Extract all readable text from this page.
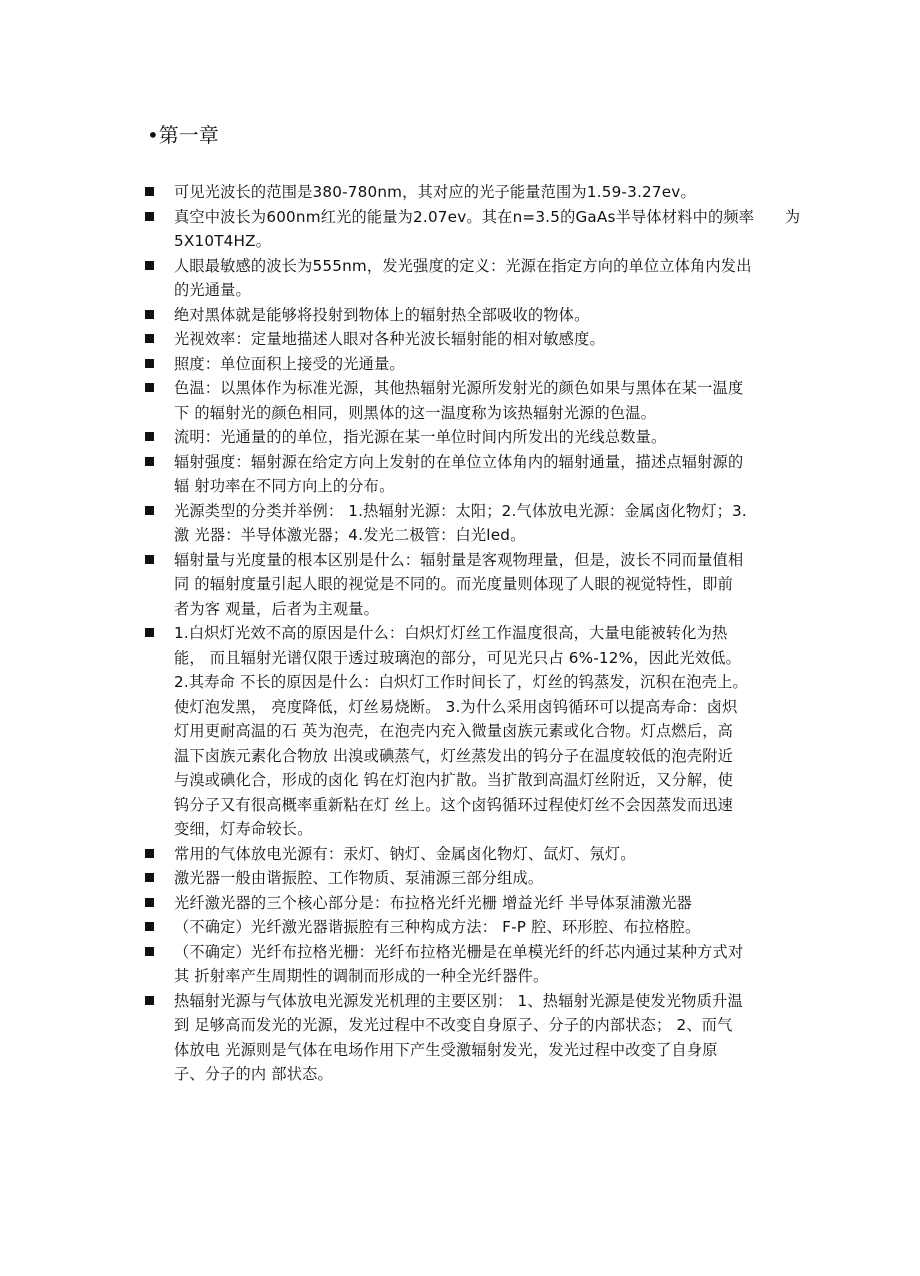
•第一章
可见光波长的范围是380-780nm，其对应的光子能量范围为1.59-3.27ev。
真空中波长为600nm红光的能量为2.07ev。其在n=3.5的GaAs半导体材料中的频率　　为
5X10T4HZ。
人眼最敏感的波长为555nm，发光强度的定义：光源在指定方向的单位立体角内发出
的光通量。
绝对黑体就是能够将投射到物体上的辐射热全部吸收的物体。
光视效率：定量地描述人眼对各种光波长辐射能的相对敏感度。
照度：单位面积上接受的光通量。
色温：以黑体作为标准光源，其他热辐射光源所发射光的颜色如果与黑体在某一温度
下 的辐射光的颜色相同，则黑体的这一温度称为该热辐射光源的色温。
流明：光通量的的单位，指光源在某一单位时间内所发出的光线总数量。
辐射强度：辐射源在给定方向上发射的在单位立体角内的辐射通量，描述点辐射源的
辐 射功率在不同方向上的分布。
光源类型的分类并举例： 1.热辐射光源：太阳；2.气体放电光源：金属卤化物灯；3.
激 光器：半导体激光器；4.发光二极管：白光led。
辐射量与光度量的根本区别是什么：辐射量是客观物理量，但是，波长不同而量值相
同 的辐射度量引起人眼的视觉是不同的。而光度量则体现了人眼的视觉特性，即前
者为客 观量，后者为主观量。
1.白炽灯光效不高的原因是什么：白炽灯灯丝工作温度很高，大量电能被转化为热
能， 而且辐射光谱仅限于透过玻璃泡的部分，可见光只占 6%-12%，因此光效低。
2.其寿命 不长的原因是什么：白炽灯工作时间长了，灯丝的钨蒸发，沉积在泡壳上。
使灯泡发黑， 亮度降低，灯丝易烧断。 3.为什么采用卤钨循环可以提高寿命：卤炽
灯用更耐高温的石 英为泡壳，在泡壳内充入微量卤族元素或化合物。灯点燃后，高
温下卤族元素化合物放 出溴或碘蒸气，灯丝蒸发出的钨分子在温度较低的泡壳附近
与溴或碘化合，形成的卤化 钨在灯泡内扩散。当扩散到高温灯丝附近，又分解，使
钨分子又有很高概率重新粘在灯 丝上。这个卤钨循环过程使灯丝不会因蒸发而迅速
变细，灯寿命较长。
常用的气体放电光源有：汞灯、钠灯、金属卤化物灯、氙灯、氖灯。
激光器一般由谐振腔、工作物质、泵浦源三部分组成。
光纤激光器的三个核心部分是：布拉格光纤光栅 增益光纤 半导体泵浦激光器
（不确定）光纤激光器谐振腔有三种构成方法： F-P 腔、环形腔、布拉格腔。
（不确定）光纤布拉格光栅：光纤布拉格光栅是在单模光纤的纤芯内通过某种方式对
其 折射率产生周期性的调制而形成的一种全光纤器件。
热辐射光源与气体放电光源发光机理的主要区别： 1、热辐射光源是使发光物质升温
到 足够高而发光的光源，发光过程中不改变自身原子、分子的内部状态； 2、而气
体放电 光源则是气体在电场作用下产生受激辐射发光，发光过程中改变了自身原
子、分子的内 部状态。
